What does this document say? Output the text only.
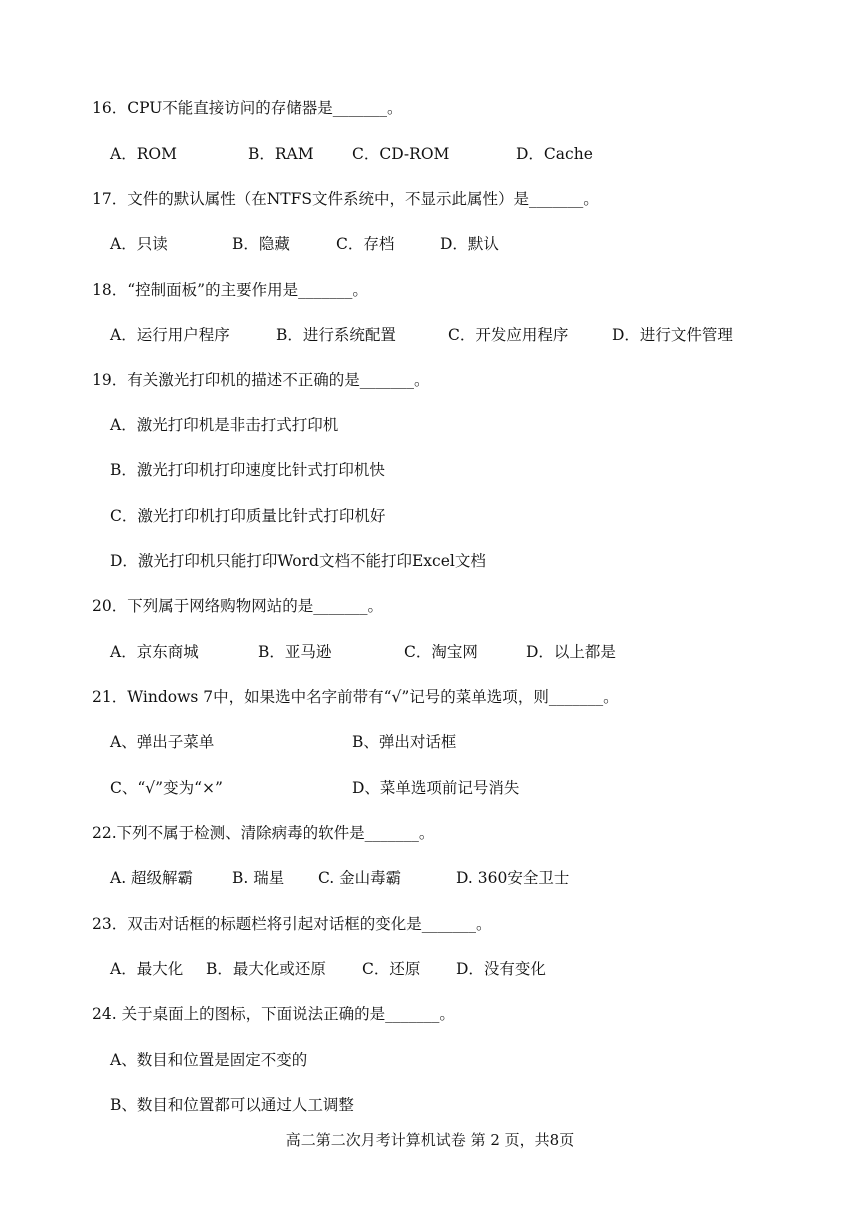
16．CPU不能直接访问的存储器是_______。
A．ROM	B．RAM C．CD-ROM	D．Cache
17．文件的默认属性（在NTFS文件系统中，不显示此属性）是_______。
A．只读	B．隐藏	C．存档	D．默认
18．“控制面板”的主要作用是_______。
A．运行用户程序	B．进行系统配置	C．开发应用程序	D．进行文件管理
19．有关激光打印机的描述不正确的是_______。
A．激光打印机是非击打式打印机
B．激光打印机打印速度比针式打印机快
C．激光打印机打印质量比针式打印机好
D．激光打印机只能打印Word文档不能打印Excel文档
20．下列属于网络购物网站的是_______。
A．京东商城	B．亚马逊	C．淘宝网	D．以上都是
21．Windows 7中，如果选中名字前带有“√”记号的菜单选项，则_______。
A、弹出子菜单	B、弹出对话框
C、“√”变为“×”	D、菜单选项前记号消失
22.下列不属于检测、清除病毒的软件是_______。
A. 超级解霸	B. 瑞星 C. 金山毒霸	D. 360安全卫士
23．双击对话框的标题栏将引起对话框的变化是_______。
A．最大化 B．最大化或还原 C．还原 D．没有变化
24. 关于桌面上的图标，下面说法正确的是_______。
A、数目和位置是固定不变的
B、数目和位置都可以通过人工调整
高二第二次月考计算机试卷 第 2 页，共8页
